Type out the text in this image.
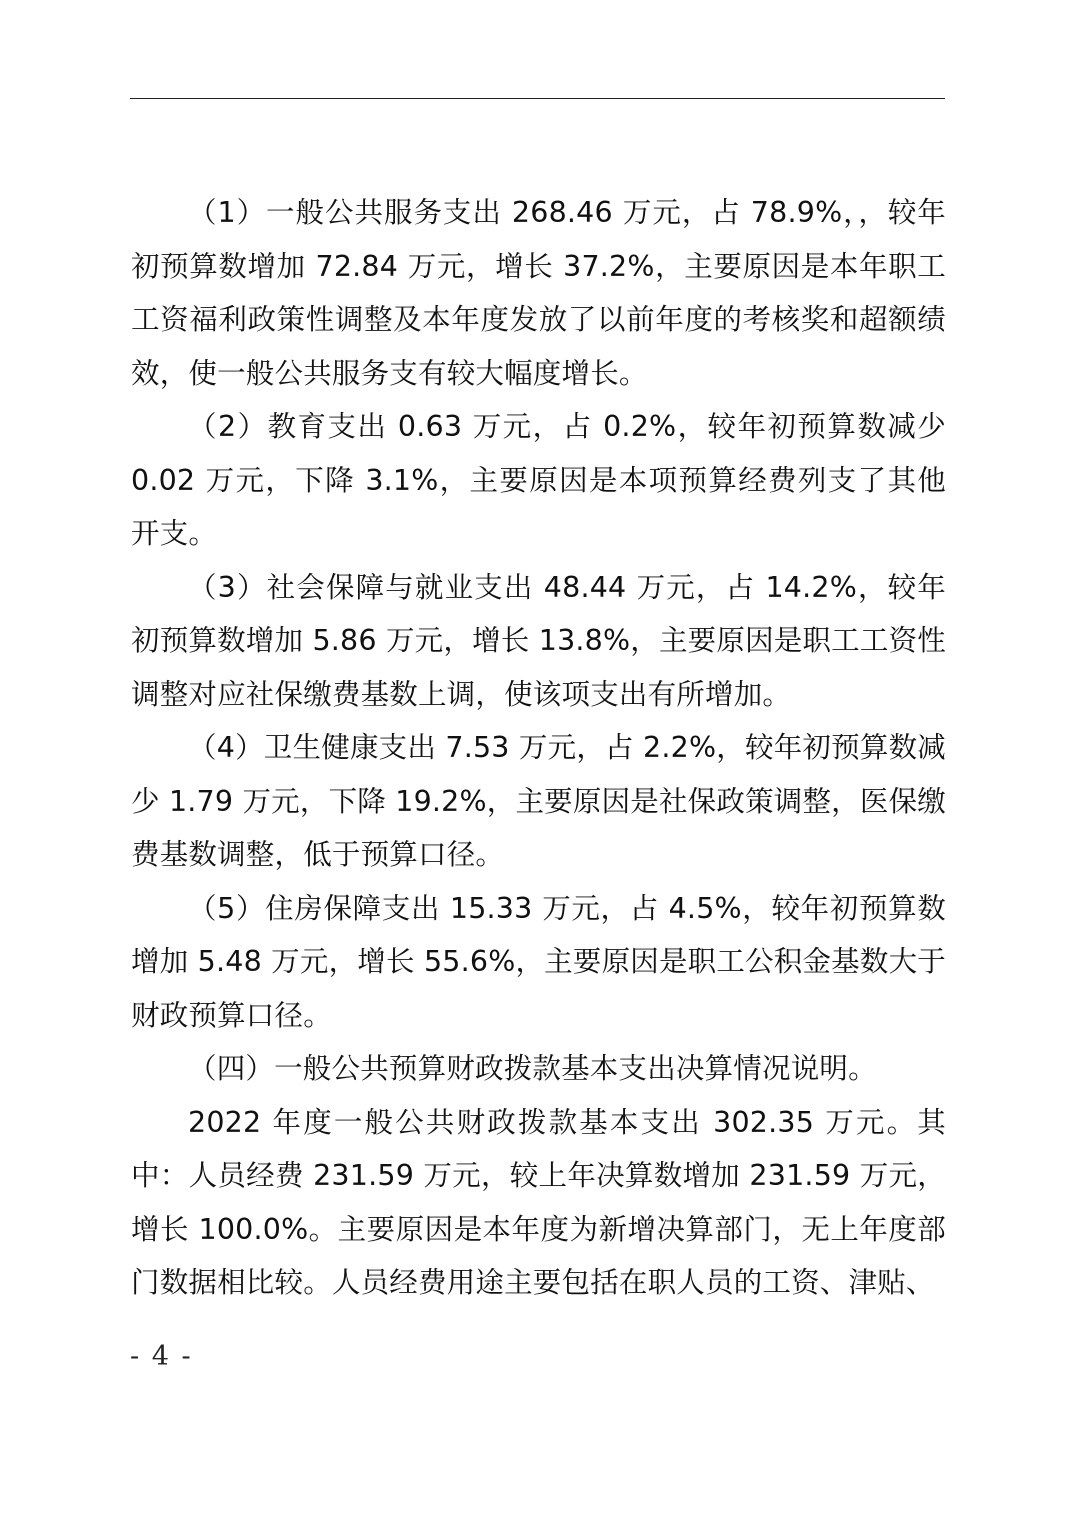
（1）一般公共服务支出 268.46 万元，占 78.9%，，较年初预算数增加 72.84 万元，增长 37.2%，主要原因是本年职工工资福利政策性调整及本年度发放了以前年度的考核奖和超额绩效，使一般公共服务支有较大幅度增长。

（2）教育支出 0.63 万元，占 0.2%，较年初预算数减少 0.02 万元，下降 3.1%，主要原因是本项预算经费列支了其他开支。

（3）社会保障与就业支出 48.44 万元，占 14.2%，较年初预算数增加 5.86 万元，增长 13.8%，主要原因是职工工资性调整对应社保缴费基数上调，使该项支出有所增加。

（4）卫生健康支出 7.53 万元，占 2.2%，较年初预算数减少 1.79 万元，下降 19.2%，主要原因是社保政策调整，医保缴费基数调整，低于预算口径。

（5）住房保障支出 15.33 万元，占 4.5%，较年初预算数增加 5.48 万元，增长 55.6%，主要原因是职工公积金基数大于财政预算口径。

（四）一般公共预算财政拨款基本支出决算情况说明。

2022 年度一般公共财政拨款基本支出 302.35 万元。其中：人员经费 231.59 万元，较上年决算数增加 231.59 万元，增长 100.0%。主要原因是本年度为新增决算部门，无上年度部门数据相比较。人员经费用途主要包括在职人员的工资、津贴、

- 4 -
